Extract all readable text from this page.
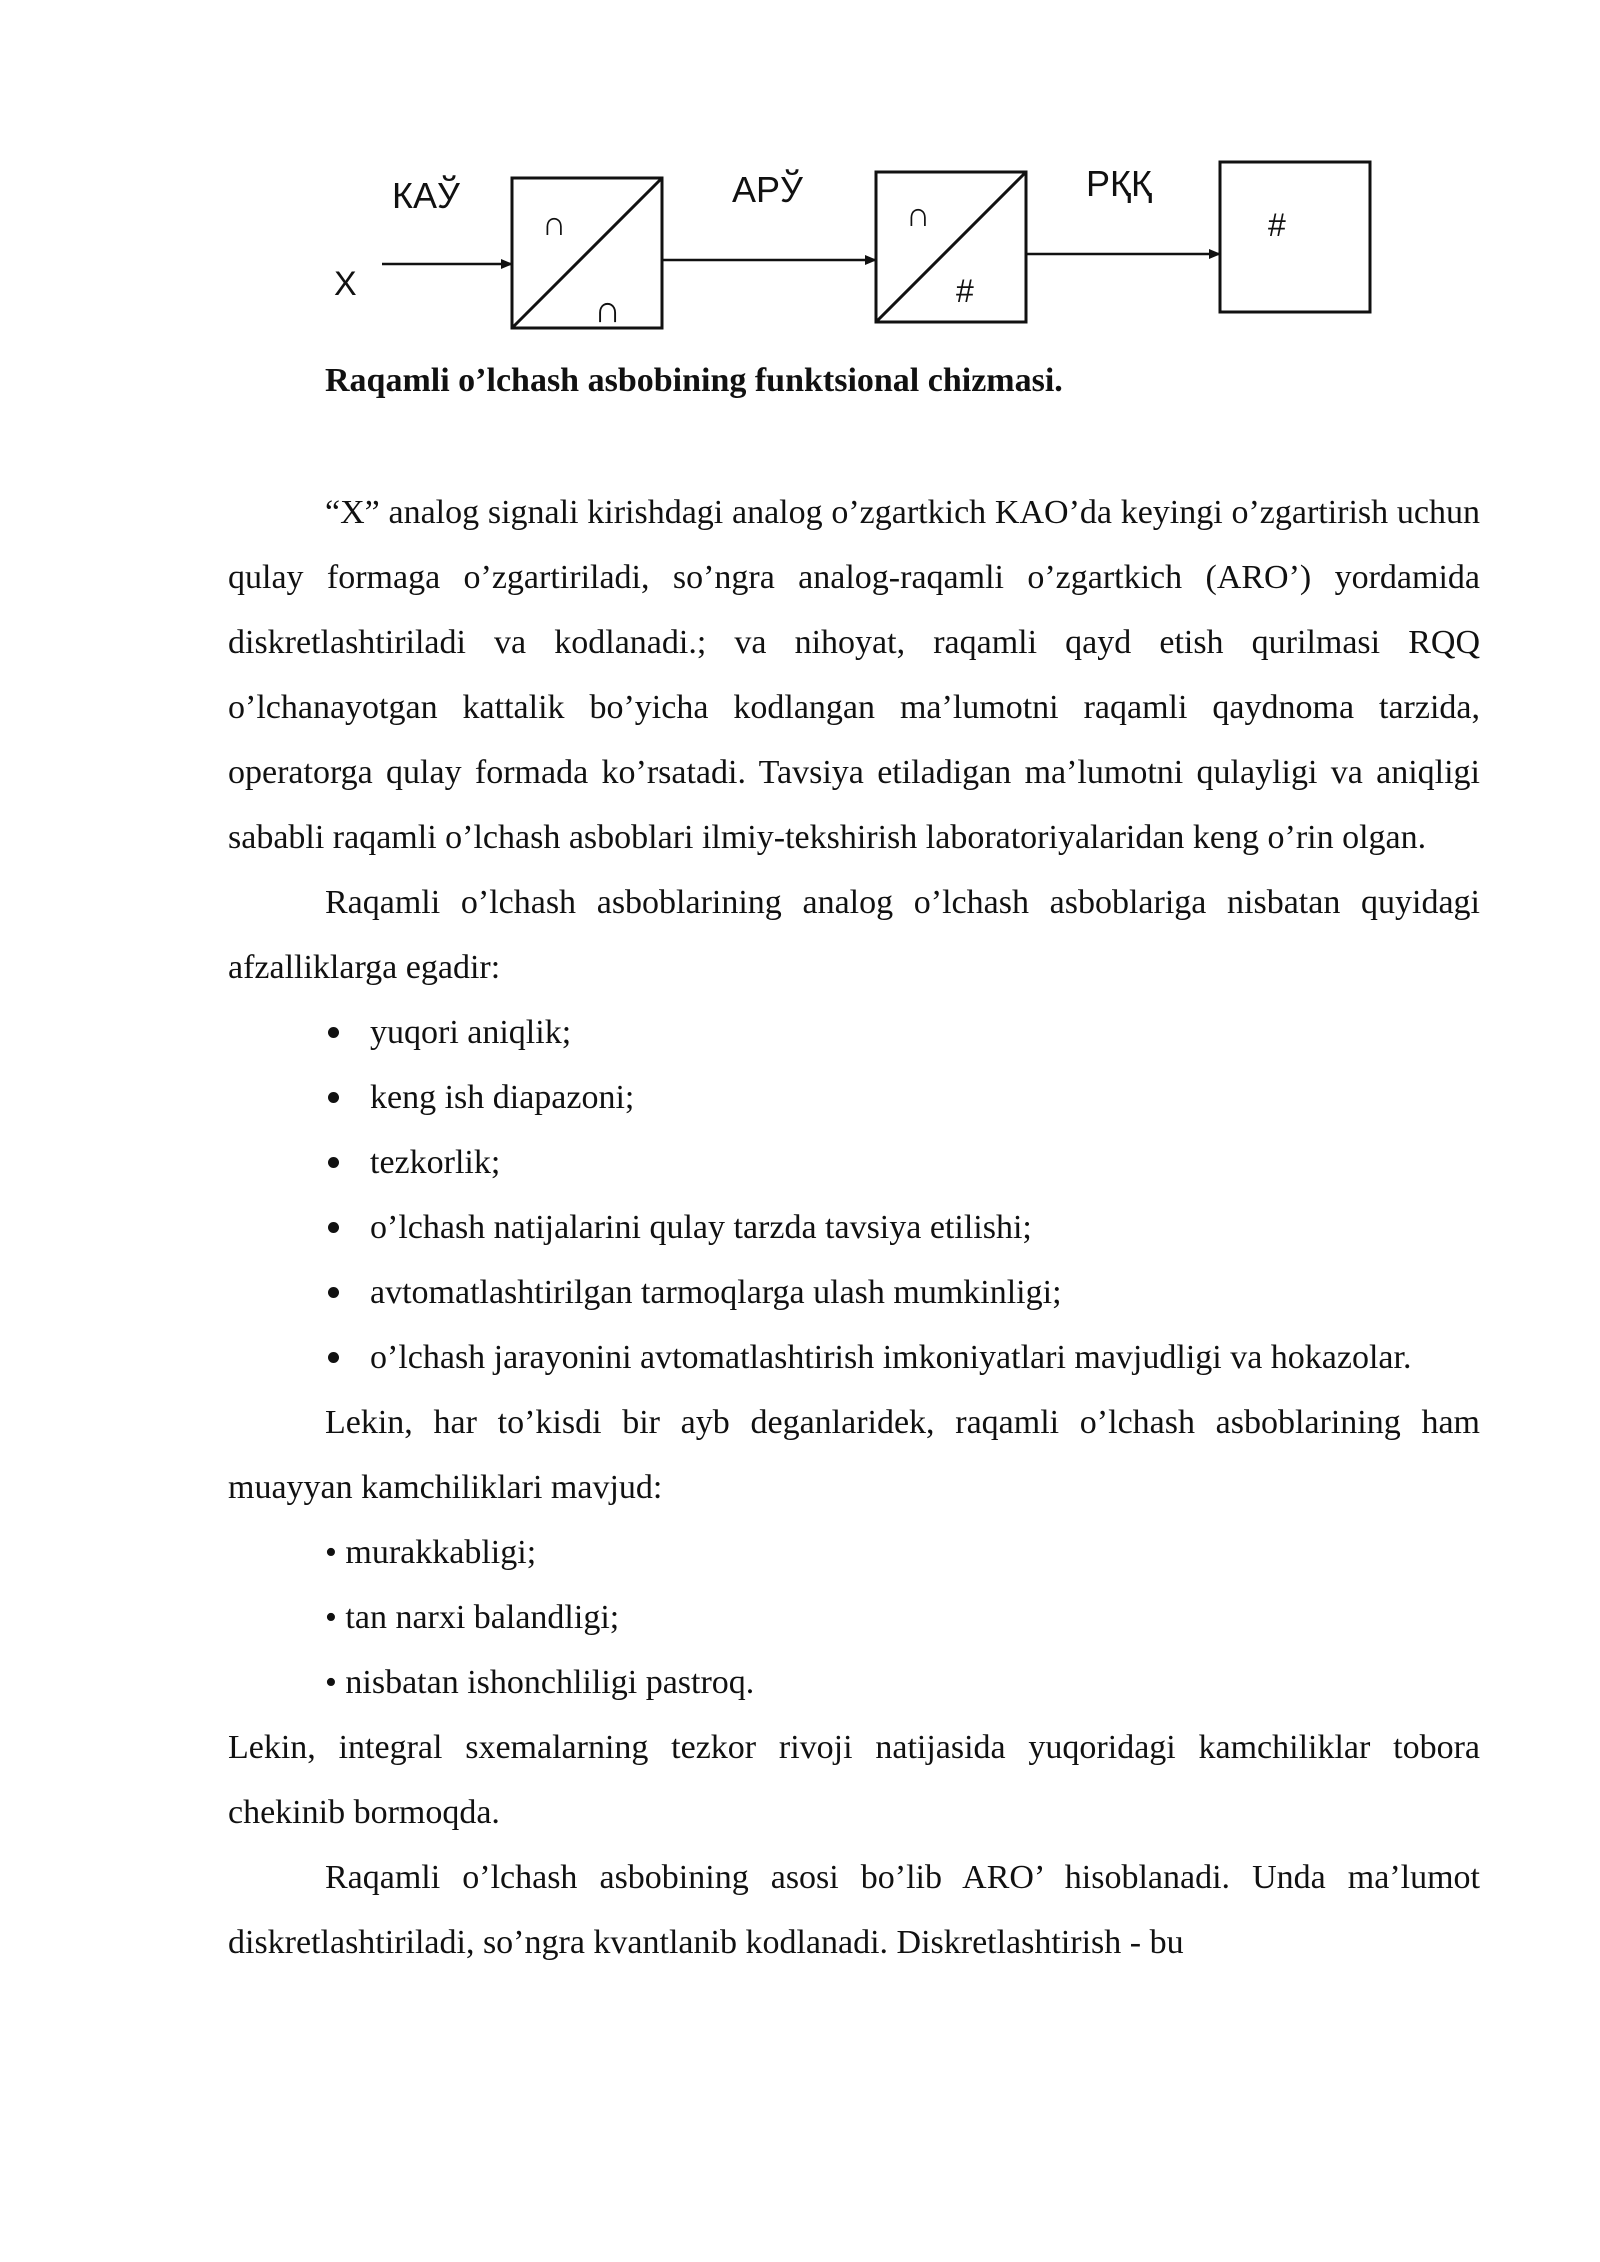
X
КАЎ
∩
∩
АРЎ
∩
#
РҚҚ
#
Raqamli o’lchash asbobining funktsional chizmasi.

“X” analog signali kirishdagi analog o’zgartkich KAO’da keyingi o’zgartirish uchun qulay formaga o’zgartiriladi, so’ngra analog-raqamli o’zgartkich (ARO’) yordamida diskretlashtiriladi va kodlanadi.; va nihoyat, raqamli qayd etish qurilmasi RQQ o’lchanayotgan kattalik bo’yicha kodlangan ma’lumotni raqamli qaydnoma tarzida, operatorga qulay formada ko’rsatadi. Tavsiya etiladigan ma’lumotni qulayligi va aniqligi sababli raqamli o’lchash asboblari ilmiy-tekshirish laboratoriyalaridan keng o’rin olgan.

Raqamli o’lchash asboblarining analog o’lchash asboblariga nisbatan quyidagi afzalliklarga egadir:

yuqori aniqlik;
keng ish diapazoni;
tezkorlik;
o’lchash natijalarini qulay tarzda tavsiya etilishi;
avtomatlashtirilgan tarmoqlarga ulash mumkinligi;
o’lchash jarayonini avtomatlashtirish imkoniyatlari mavjudligi va hokazolar.

Lekin, har to’kisdi bir ayb deganlaridek, raqamli o’lchash asboblarining ham muayyan kamchiliklari mavjud:

• murakkabligi;
• tan narxi balandligi;
• nisbatan ishonchliligi pastroq.

Lekin, integral sxemalarning tezkor rivoji natijasida yuqoridagi kamchiliklar tobora chekinib bormoqda.

Raqamli o’lchash asbobining asosi bo’lib ARO’ hisoblanadi. Unda ma’lumot diskretlashtiriladi, so’ngra kvantlanib kodlanadi. Diskretlashtirish - bu
